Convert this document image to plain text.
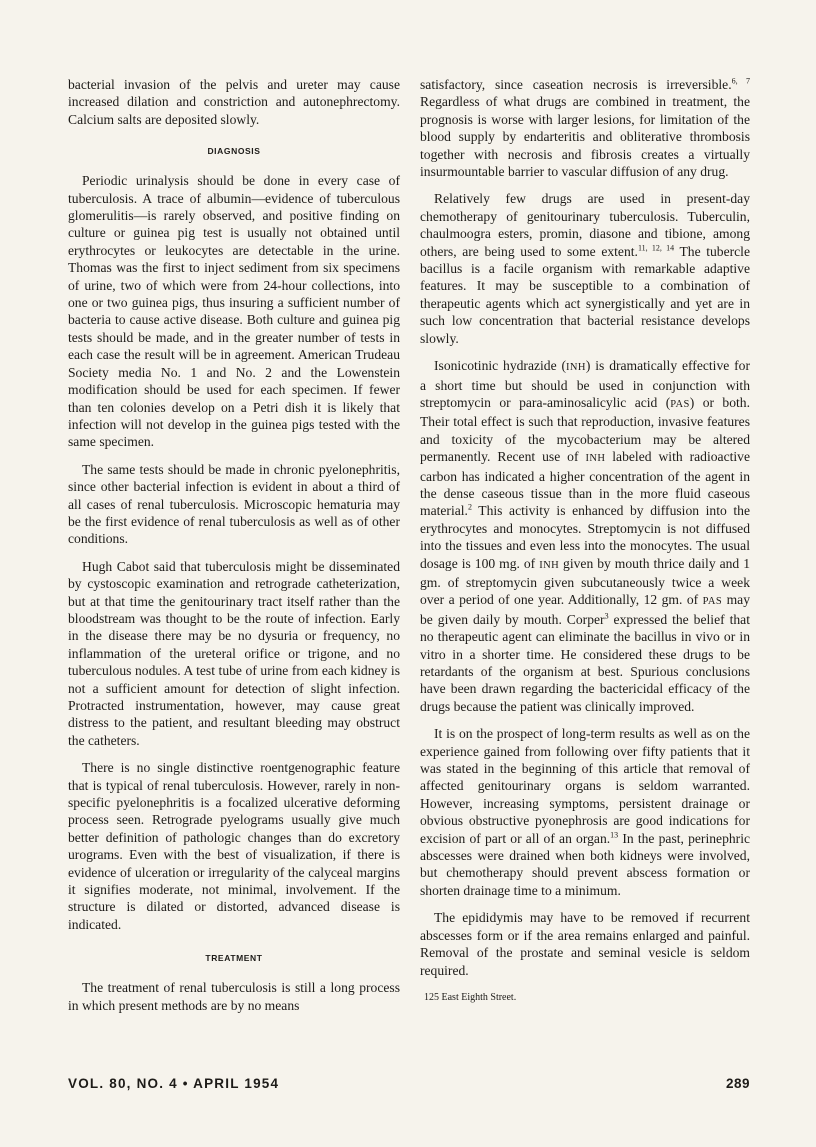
bacterial invasion of the pelvis and ureter may cause increased dilation and constriction and autonephrectomy. Calcium salts are deposited slowly.

DIAGNOSIS

Periodic urinalysis should be done in every case of tuberculosis. A trace of albumin—evidence of tuberculous glomerulitis—is rarely observed, and positive finding on culture or guinea pig test is usually not obtained until erythrocytes or leukocytes are detectable in the urine. Thomas was the first to inject sediment from six specimens of urine, two of which were from 24-hour collections, into one or two guinea pigs, thus insuring a sufficient number of bacteria to cause active disease. Both culture and guinea pig tests should be made, and in the greater number of tests in each case the result will be in agreement. American Trudeau Society media No. 1 and No. 2 and the Lowenstein modification should be used for each specimen. If fewer than ten colonies develop on a Petri dish it is likely that infection will not develop in the guinea pigs tested with the same specimen.

The same tests should be made in chronic pyelonephritis, since other bacterial infection is evident in about a third of all cases of renal tuberculosis. Microscopic hematuria may be the first evidence of renal tuberculosis as well as of other conditions.

Hugh Cabot said that tuberculosis might be disseminated by cystoscopic examination and retrograde catheterization, but at that time the genitourinary tract itself rather than the bloodstream was thought to be the route of infection. Early in the disease there may be no dysuria or frequency, no inflammation of the ureteral orifice or trigone, and no tuberculous nodules. A test tube of urine from each kidney is not a sufficient amount for detection of slight infection. Protracted instrumentation, however, may cause great distress to the patient, and resultant bleeding may obstruct the catheters.

There is no single distinctive roentgenographic feature that is typical of renal tuberculosis. However, rarely in non-specific pyelonephritis is a focalized ulcerative deforming process seen. Retrograde pyelograms usually give much better definition of pathologic changes than do excretory urograms. Even with the best of visualization, if there is evidence of ulceration or irregularity of the calyceal margins it signifies moderate, not minimal, involvement. If the structure is dilated or distorted, advanced disease is indicated.

TREATMENT

The treatment of renal tuberculosis is still a long process in which present methods are by no means

satisfactory, since caseation necrosis is irreversible.$^{6, 7}$ Regardless of what drugs are combined in treatment, the prognosis is worse with larger lesions, for limitation of the blood supply by endarteritis and obliterative thrombosis together with necrosis and fibrosis creates a virtually insurmountable barrier to vascular diffusion of any drug.

Relatively few drugs are used in present-day chemotherapy of genitourinary tuberculosis. Tuberculin, chaulmoogra esters, promin, diasone and tibione, among others, are being used to some extent.$^{11, 12, 14}$ The tubercle bacillus is a facile organism with remarkable adaptive features. It may be susceptible to a combination of therapeutic agents which act synergistically and yet are in such low concentration that bacterial resistance develops slowly.

Isonicotinic hydrazide (INH) is dramatically effective for a short time but should be used in conjunction with streptomycin or para-aminosalicylic acid (PAS) or both. Their total effect is such that reproduction, invasive features and toxicity of the mycobacterium may be altered permanently. Recent use of INH labeled with radioactive carbon has indicated a higher concentration of the agent in the dense caseous tissue than in the more fluid caseous material.$^2$ This activity is enhanced by diffusion into the erythrocytes and monocytes. Streptomycin is not diffused into the tissues and even less into the monocytes. The usual dosage is 100 mg. of INH given by mouth thrice daily and 1 gm. of streptomycin given subcutaneously twice a week over a period of one year. Additionally, 12 gm. of PAS may be given daily by mouth. Corper$^3$ expressed the belief that no therapeutic agent can eliminate the bacillus in vivo or in vitro in a shorter time. He considered these drugs to be retardants of the organism at best. Spurious conclusions have been drawn regarding the bactericidal efficacy of the drugs because the patient was clinically improved.

It is on the prospect of long-term results as well as on the experience gained from following over fifty patients that it was stated in the beginning of this article that removal of affected genitourinary organs is seldom warranted. However, increasing symptoms, persistent drainage or obvious obstructive pyonephrosis are good indications for excision of part or all of an organ.$^{13}$ In the past, perinephric abscesses were drained when both kidneys were involved, but chemotherapy should prevent abscess formation or shorten drainage time to a minimum.

The epididymis may have to be removed if recurrent abscesses form or if the area remains enlarged and painful. Removal of the prostate and seminal vesicle is seldom required.

125 East Eighth Street.

VOL. 80, NO. 4 • APRIL 1954	289
